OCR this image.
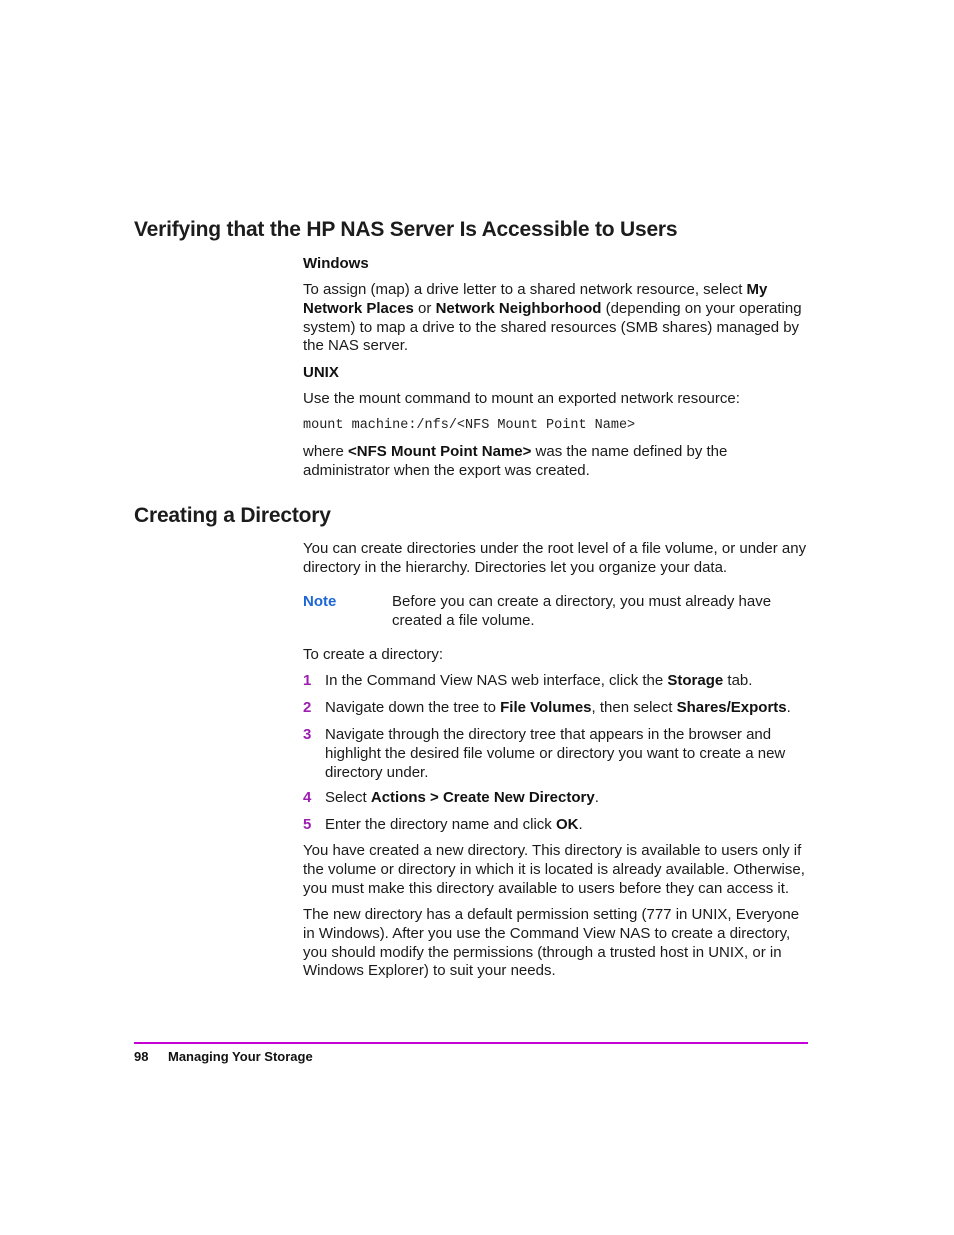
Verifying that the HP NAS Server Is Accessible to Users
Windows

To assign (map) a drive letter to a shared network resource, select My Network Places or Network Neighborhood (depending on your operating system) to map a drive to the shared resources (SMB shares) managed by the NAS server.

UNIX

Use the mount command to mount an exported network resource:

mount machine:/nfs/<NFS Mount Point Name>

where <NFS Mount Point Name> was the name defined by the administrator when the export was created.

Creating a Directory

You can create directories under the root level of a file volume, or under any directory in the hierarchy. Directories let you organize your data.

Note	Before you can create a directory, you must already have created a file volume.

To create a directory:

1 In the Command View NAS web interface, click the Storage tab.
2 Navigate down the tree to File Volumes, then select Shares/Exports.
3 Navigate through the directory tree that appears in the browser and highlight the desired file volume or directory you want to create a new directory under.
4 Select Actions > Create New Directory.
5 Enter the directory name and click OK.

You have created a new directory. This directory is available to users only if the volume or directory in which it is located is already available. Otherwise, you must make this directory available to users before they can access it.

The new directory has a default permission setting (777 in UNIX, Everyone in Windows). After you use the Command View NAS to create a directory, you should modify the permissions (through a trusted host in UNIX, or in Windows Explorer) to suit your needs.

98 Managing Your Storage
